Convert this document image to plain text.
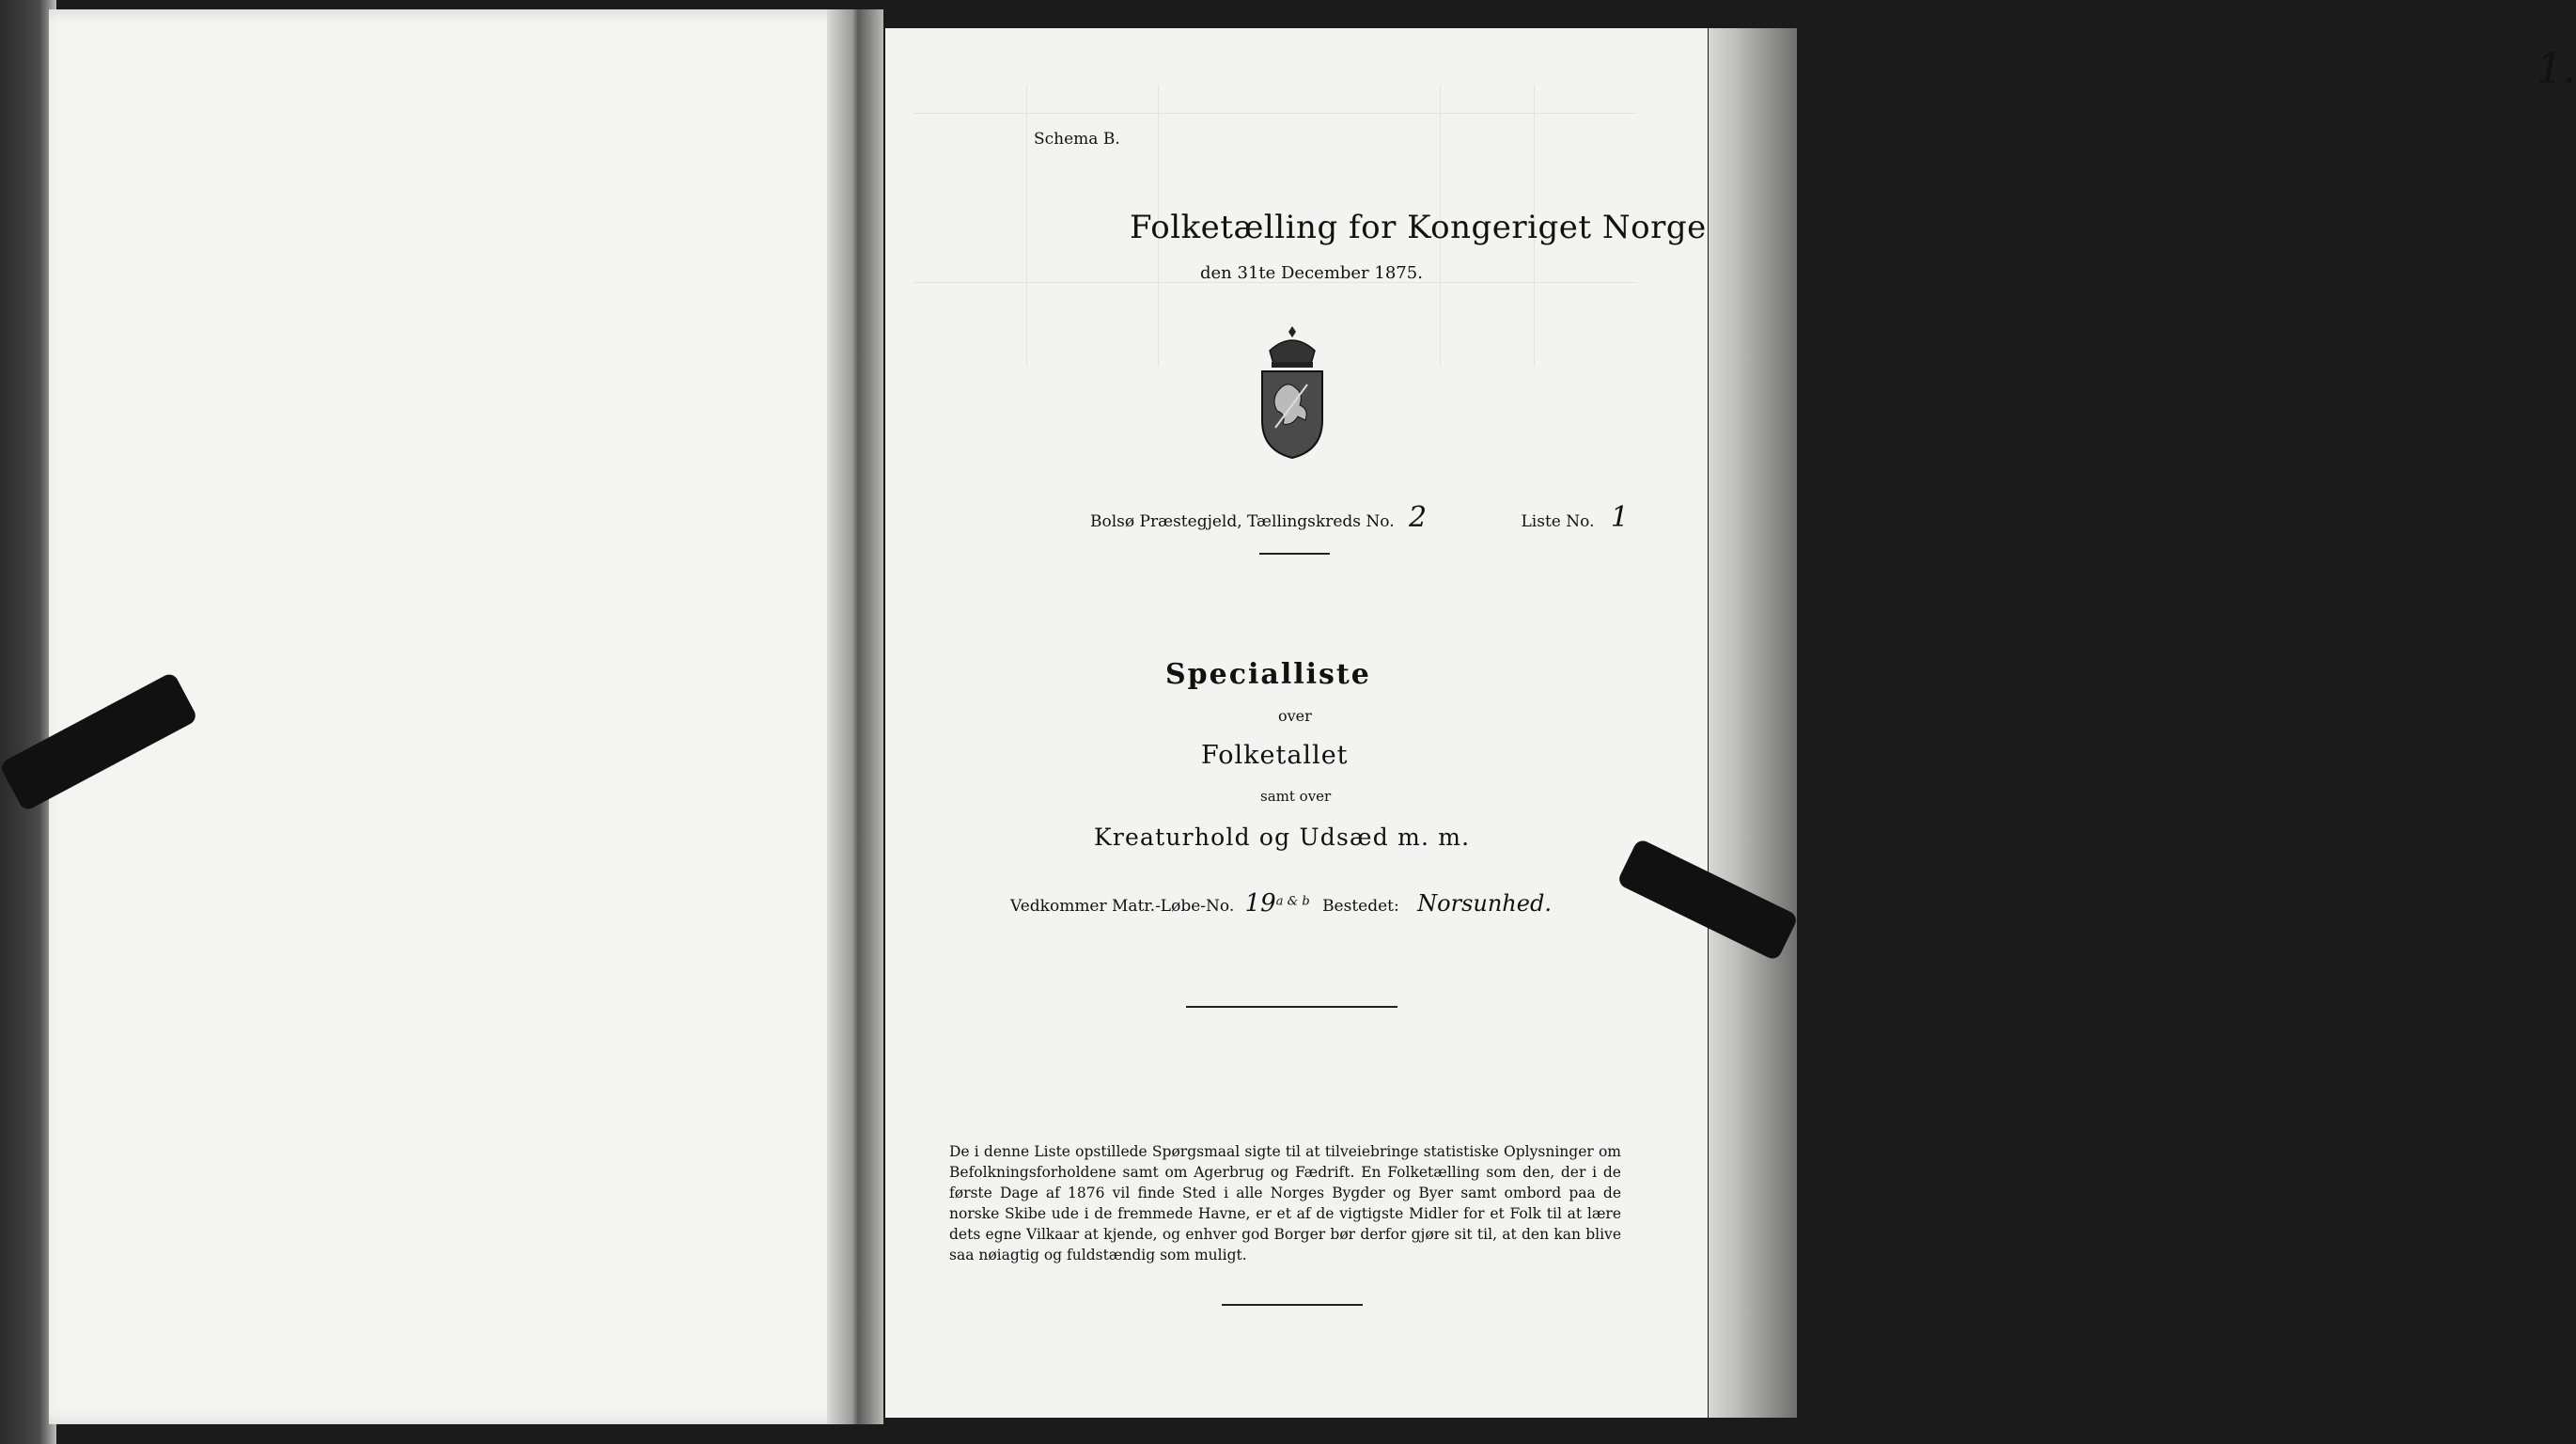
Schema B.
1.
Folketælling for Kongeriget Norge
den 31te December 1875.
Bolsø Præstegjeld, Tællingskreds No. 2	Liste No. 1
Specialliste
over
Folketallet
samt over
Kreaturhold og Udsæd m. m.
Vedkommer Matr.-Løbe-No. $19^{a \& b}$ Bestedet: Norsunhed.
De i denne Liste opstillede Spørgsmaal sigte til at tilveiebringe statistiske Oplysninger om Befolkningsforholdene samt om Agerbrug og Fædrift. En Folketælling som den, der i de første Dage af 1876 vil finde Sted i alle Norges Bygder og Byer samt ombord paa de norske Skibe ude i de fremmede Havne, er et af de vigtigste Midler for et Folk til at lære dets egne Vilkaar at kjende, og enhver god Borger bør derfor gjøre sit til, at den kan blive saa nøiagtig og fuldstændig som muligt.
